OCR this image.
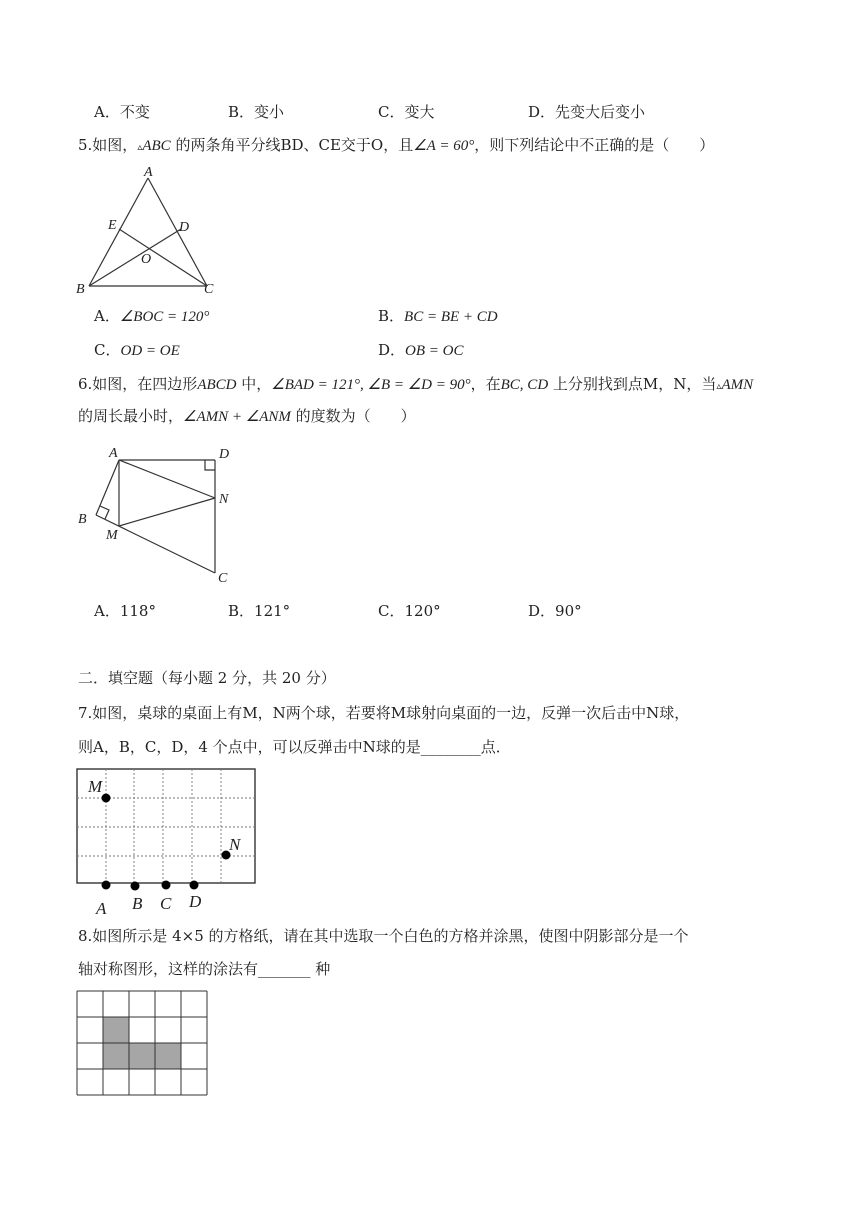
A．不变	B．变小	C．变大	D．先变大后变小
5.如图，▵ABC 的两条角平分线BD、CE交于O，且∠A = 60°，则下列结论中不正确的是（　　）
A
B	C
D
E
O
A．∠BOC = 120°	B．BC = BE + CD
C．OD = OE	D．OB = OC
6.如图，在四边形ABCD 中，∠BAD = 121°, ∠B = ∠D = 90°，在BC, CD 上分别找到点M，N，当▵AMN
的周长最小时，∠AMN + ∠ANM 的度数为（　　）
A
B
C
D
M
N
A．118°	B．121°	C．120°	D．90°
二．填空题（每小题 2 分，共 20 分）
7.如图，桌球的桌面上有M，N两个球，若要将M球射向桌面的一边，反弹一次后击中N球，
则A，B，C，D，4 个点中，可以反弹击中N球的是________点．
M
N
A B C D
8.如图所示是 4×5 的方格纸，请在其中选取一个白色的方格并涂黑，使图中阴影部分是一个
轴对称图形，这样的涂法有_______ 种
